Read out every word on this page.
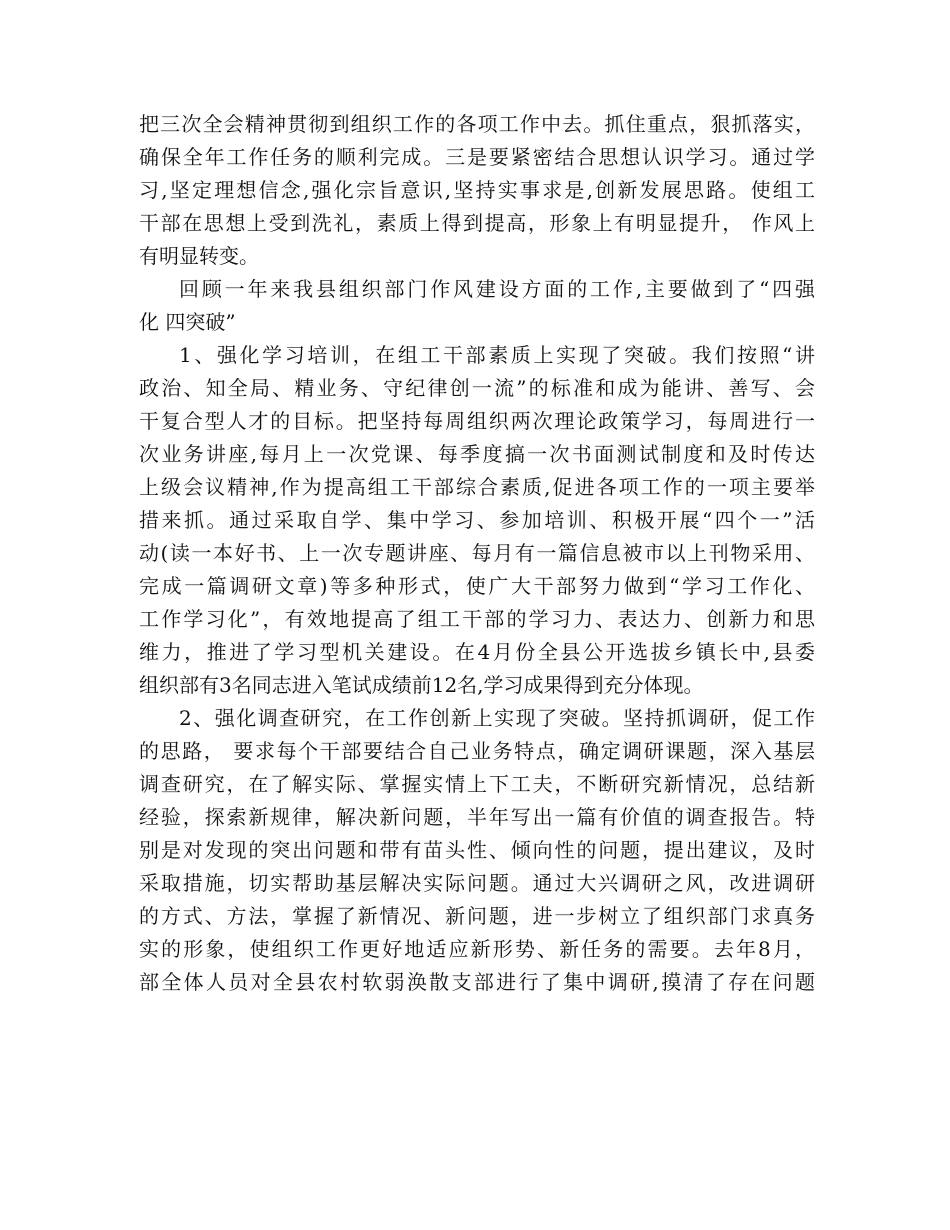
把三次全会精神贯彻到组织工作的各项工作中去。抓住重点，狠抓落实，
确保全年工作任务的顺利完成。三是要紧密结合思想认识学习。通过学
习,坚定理想信念,强化宗旨意识,坚持实事求是,创新发展思路。使组工
干部在思想上受到洗礼，素质上得到提高，形象上有明显提升， 作风上
有明显转变。
回顾一年来我县组织部门作风建设方面的工作,主要做到了“四强
化 四突破”
1、强化学习培训，在组工干部素质上实现了突破。我们按照“讲
政治、知全局、精业务、守纪律创一流”的标准和成为能讲、善写、会
干复合型人才的目标。把坚持每周组织两次理论政策学习，每周进行一
次业务讲座,每月上一次党课、每季度搞一次书面测试制度和及时传达
上级会议精神,作为提高组工干部综合素质,促进各项工作的一项主要举
措来抓。通过采取自学、集中学习、参加培训、积极开展“四个一”活
动(读一本好书、上一次专题讲座、每月有一篇信息被市以上刊物采用、
完成一篇调研文章)等多种形式，使广大干部努力做到“学习工作化、
工作学习化”，有效地提高了组工干部的学习力、表达力、创新力和思
维力，推进了学习型机关建设。在4月份全县公开选拔乡镇长中,县委
组织部有3名同志进入笔试成绩前12名,学习成果得到充分体现。
2、强化调查研究，在工作创新上实现了突破。坚持抓调研，促工作
的思路， 要求每个干部要结合自己业务特点，确定调研课题，深入基层
调查研究，在了解实际、掌握实情上下工夫，不断研究新情况，总结新
经验，探索新规律，解决新问题，半年写出一篇有价值的调查报告。特
别是对发现的突出问题和带有苗头性、倾向性的问题，提出建议，及时
采取措施，切实帮助基层解决实际问题。通过大兴调研之风，改进调研
的方式、方法，掌握了新情况、新问题，进一步树立了组织部门求真务
实的形象，使组织工作更好地适应新形势、新任务的需要。去年8月，
部全体人员对全县农村软弱涣散支部进行了集中调研,摸清了存在问题
